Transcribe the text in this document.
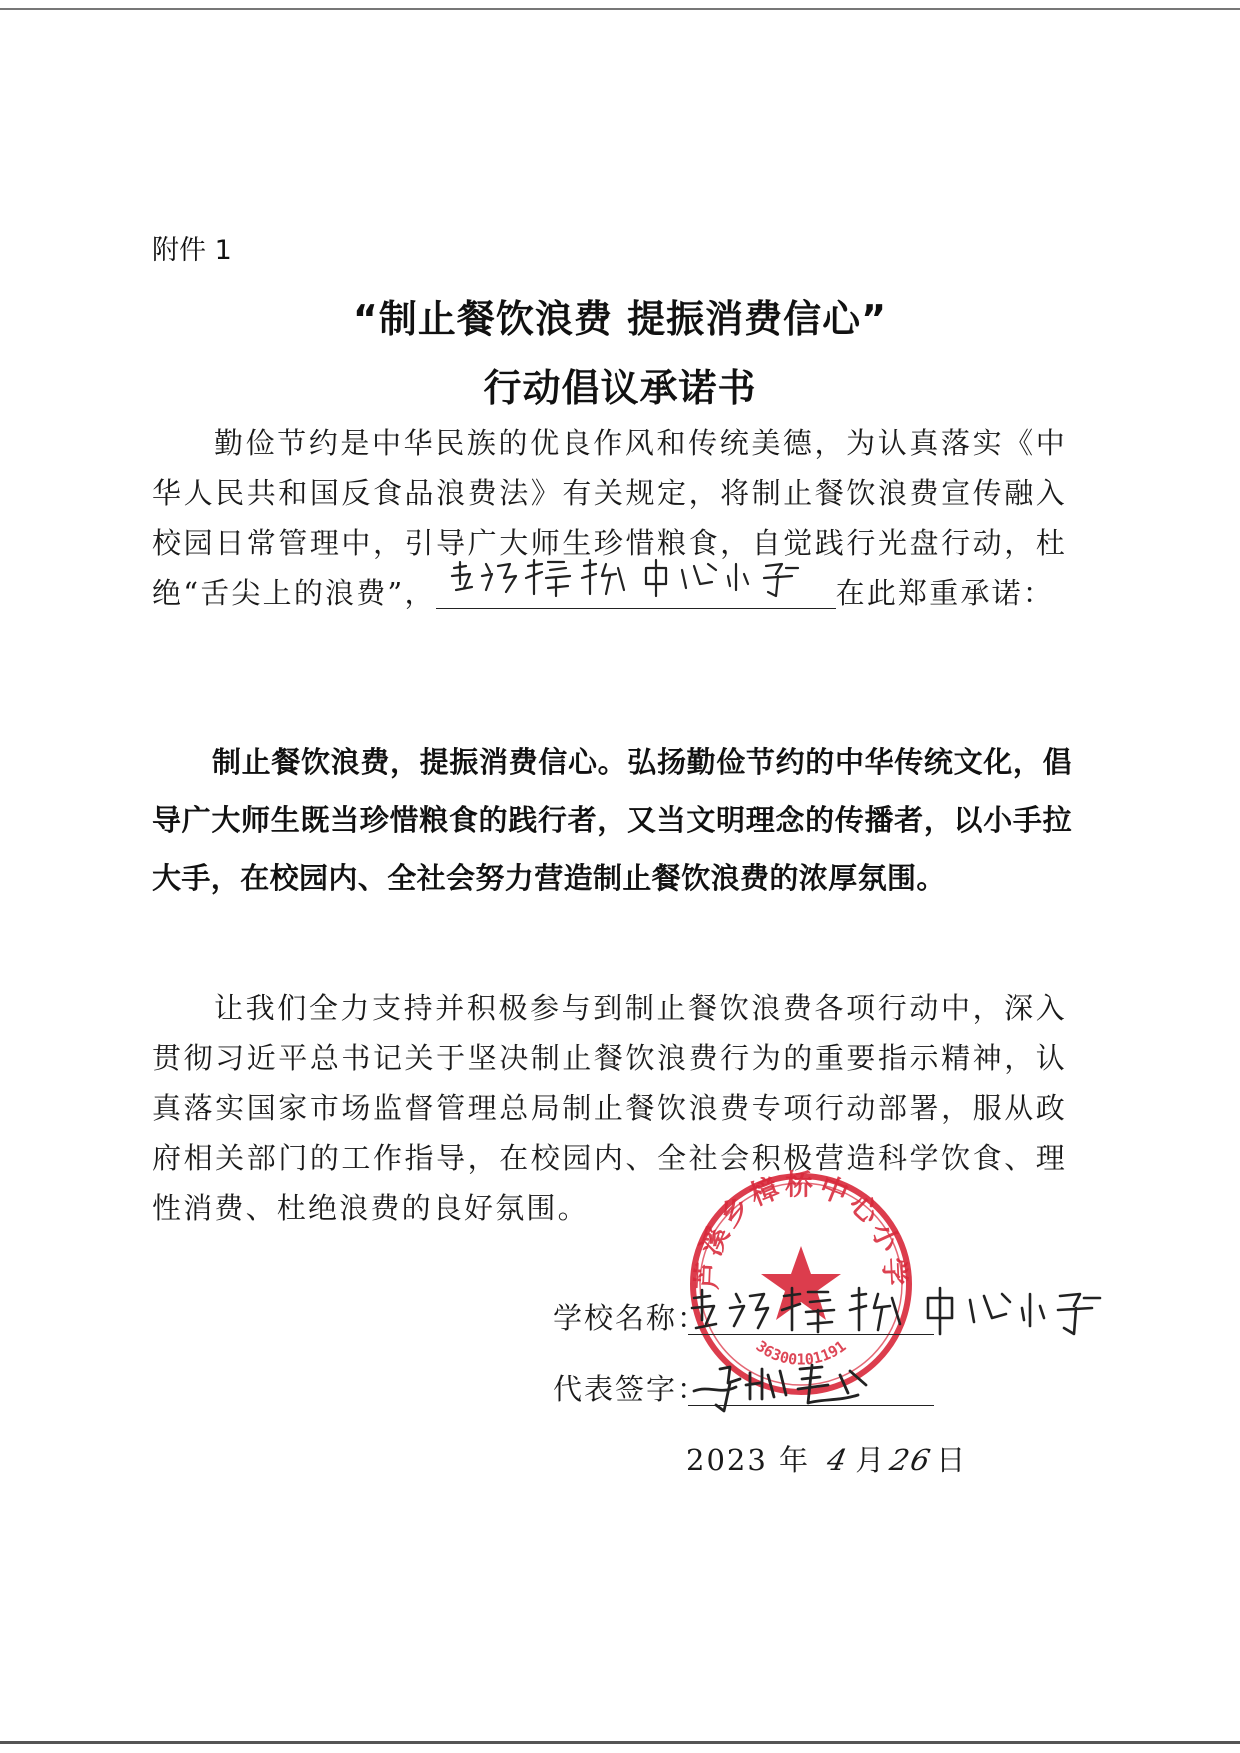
附件 1
“制止餐饮浪费 提振消费信心”
行动倡议承诺书
勤俭节约是中华民族的优良作风和传统美德，为认真落实《中华人民共和国反食品浪费法》有关规定，将制止餐饮浪费宣传融入校园日常管理中，引导广大师生珍惜粮食，自觉践行光盘行动，杜绝“舌尖上的浪费”，	在此郑重承诺：
制止餐饮浪费，提振消费信心。弘扬勤俭节约的中华传统文化，倡导广大师生既当珍惜粮食的践行者，又当文明理念的传播者，以小手拉大手，在校园内、全社会努力营造制止餐饮浪费的浓厚氛围。
让我们全力支持并积极参与到制止餐饮浪费各项行动中，深入贯彻习近平总书记关于坚决制止餐饮浪费行为的重要指示精神，认真落实国家市场监督管理总局制止餐饮浪费专项行动部署，服从政府相关部门的工作指导，在校园内、全社会积极营造科学饮食、理性消费、杜绝浪费的良好氛围。
芦溪乡樟桥中心小学
36300101191
学校名称：
代表签字：
2023 年 4 月26日
